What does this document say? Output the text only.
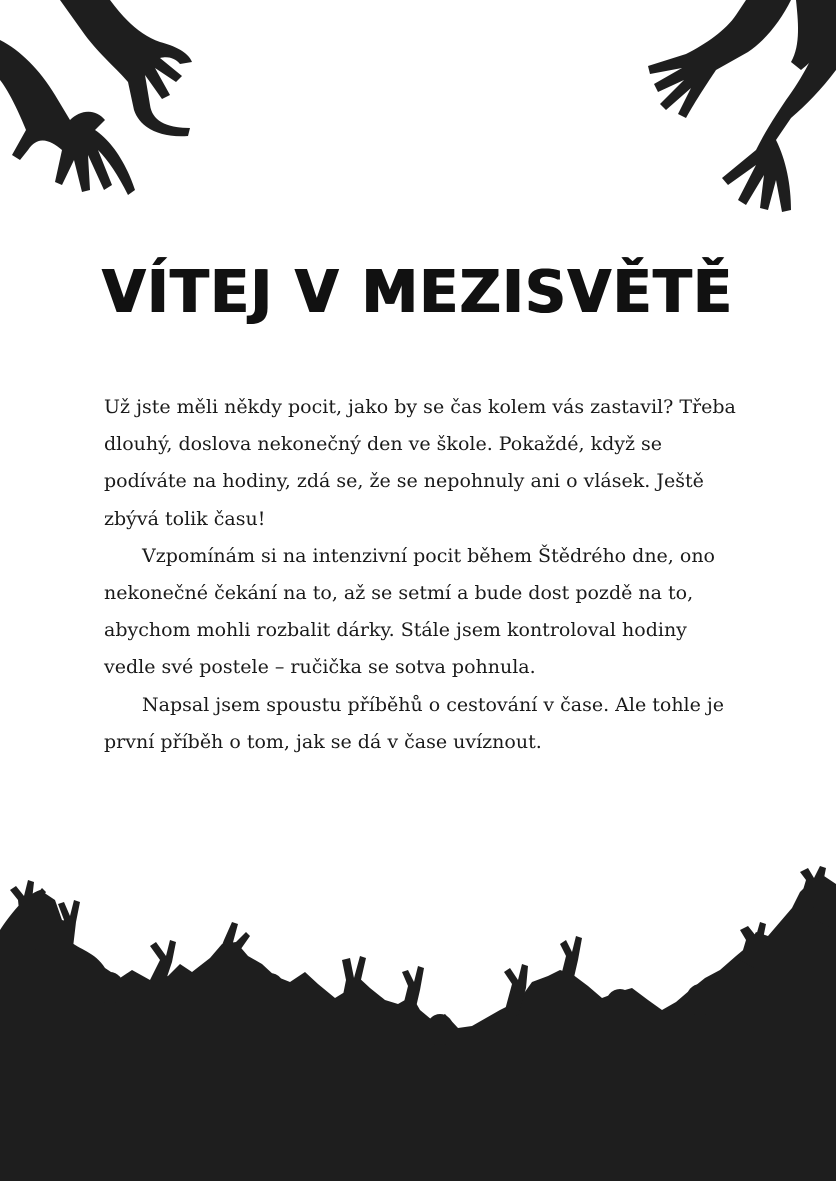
VÍTEJ V MEZISVĚTĚ

Už jste měli někdy pocit, jako by se čas kolem vás zastavil? Třeba dlouhý, doslova nekonečný den ve škole. Pokaždé, když se podíváte na hodiny, zdá se, že se nepohnuly ani o vlásek. Ještě zbývá tolik času!

Vzpomínám si na intenzivní pocit během Štědrého dne, ono nekonečné čekání na to, až se setmí a bude dost pozdě na to, abychom mohli rozbalit dárky. Stále jsem kontroloval hodiny vedle své postele – ručička se sotva pohnula.

Napsal jsem spoustu příběhů o cestování v čase. Ale tohle je první příběh o tom, jak se dá v čase uvíznout.
